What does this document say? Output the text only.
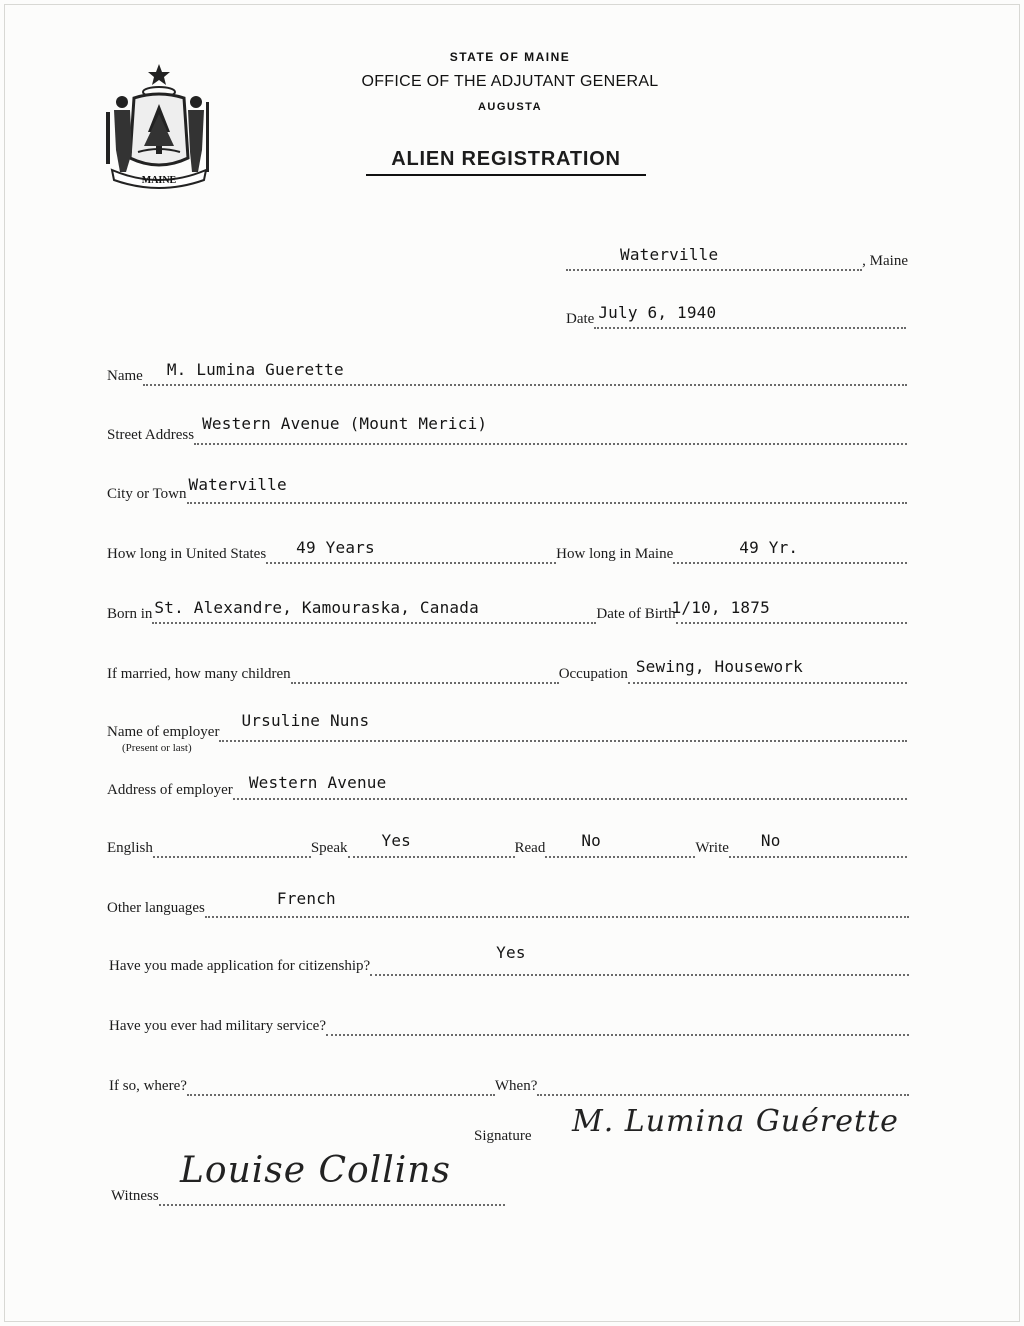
MAINE
STATE OF MAINE
OFFICE OF THE ADJUTANT GENERAL
AUGUSTA
ALIEN REGISTRATION
Waterville	, Maine
Date July 6, 1940
Name M. Lumina Guerette
Street Address
Western Avenue (Mount Merici)
City or Town Waterville
How long in United States 49 Years	How long in Maine	49 Yr.
Born in St. Alexandre, Kamouraska, Canada	Date of Birth
1/10, 1875
If married, how many children	Occupation Sewing, Housework
Name of employer
Ursuline Nuns
(Present or last)
Address of employer Western Avenue
English	Speak Yes	Read No	Write No
Other languages	French
Have you made application for citizenship?
Yes
Have you ever had military service?
If so, where?	When?
Signature M. Lumina Guérette
Witness
Louise Collins
